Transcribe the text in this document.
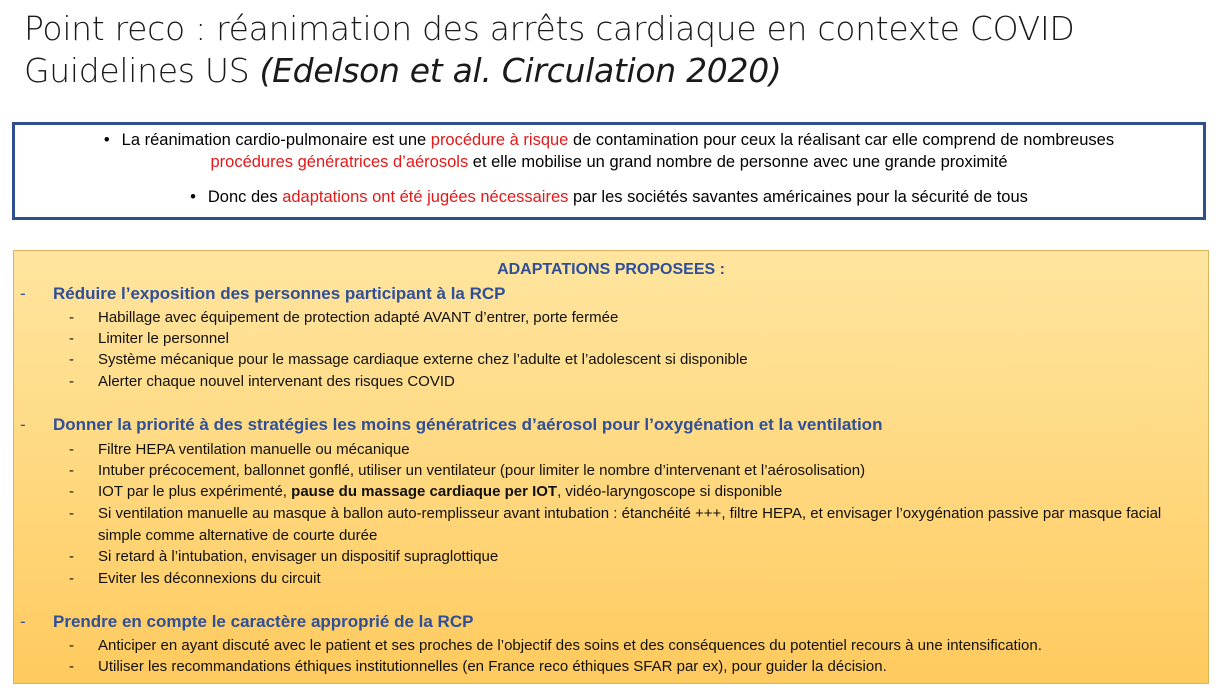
Point reco : réanimation des arrêts cardiaque en contexte COVID
Guidelines US (Edelson et al. Circulation 2020)
• La réanimation cardio-pulmonaire est une procédure à risque de contamination pour ceux la réalisant car elle comprend de nombreuses
procédures génératrices d’aérosols et elle mobilise un grand nombre de personne avec une grande proximité
• Donc des adaptations ont été jugées nécessaires par les sociétés savantes américaines pour la sécurité de tous
ADAPTATIONS PROPOSEES :
- Réduire l’exposition des personnes participant à la RCP
- Habillage avec équipement de protection adapté AVANT d’entrer, porte fermée
- Limiter le personnel
- Système mécanique pour le massage cardiaque externe chez l’adulte et l’adolescent si disponible
- Alerter chaque nouvel intervenant des risques COVID
- Donner la priorité à des stratégies les moins génératrices d’aérosol pour l’oxygénation et la ventilation
- Filtre HEPA ventilation manuelle ou mécanique
- Intuber précocement, ballonnet gonflé, utiliser un ventilateur (pour limiter le nombre d’intervenant et l’aérosolisation)
- IOT par le plus expérimenté, pause du massage cardiaque per IOT, vidéo-laryngoscope si disponible
- Si ventilation manuelle au masque à ballon auto-remplisseur avant intubation : étanchéité +++, filtre HEPA, et envisager l’oxygénation passive par masque facial simple comme alternative de courte durée
- Si retard à l’intubation, envisager un dispositif supraglottique
- Eviter les déconnexions du circuit
- Prendre en compte le caractère approprié de la RCP
- Anticiper en ayant discuté avec le patient et ses proches de l’objectif des soins et des conséquences du potentiel recours à une intensification.
- Utiliser les recommandations éthiques institutionnelles (en France reco éthiques SFAR par ex), pour guider la décision.
